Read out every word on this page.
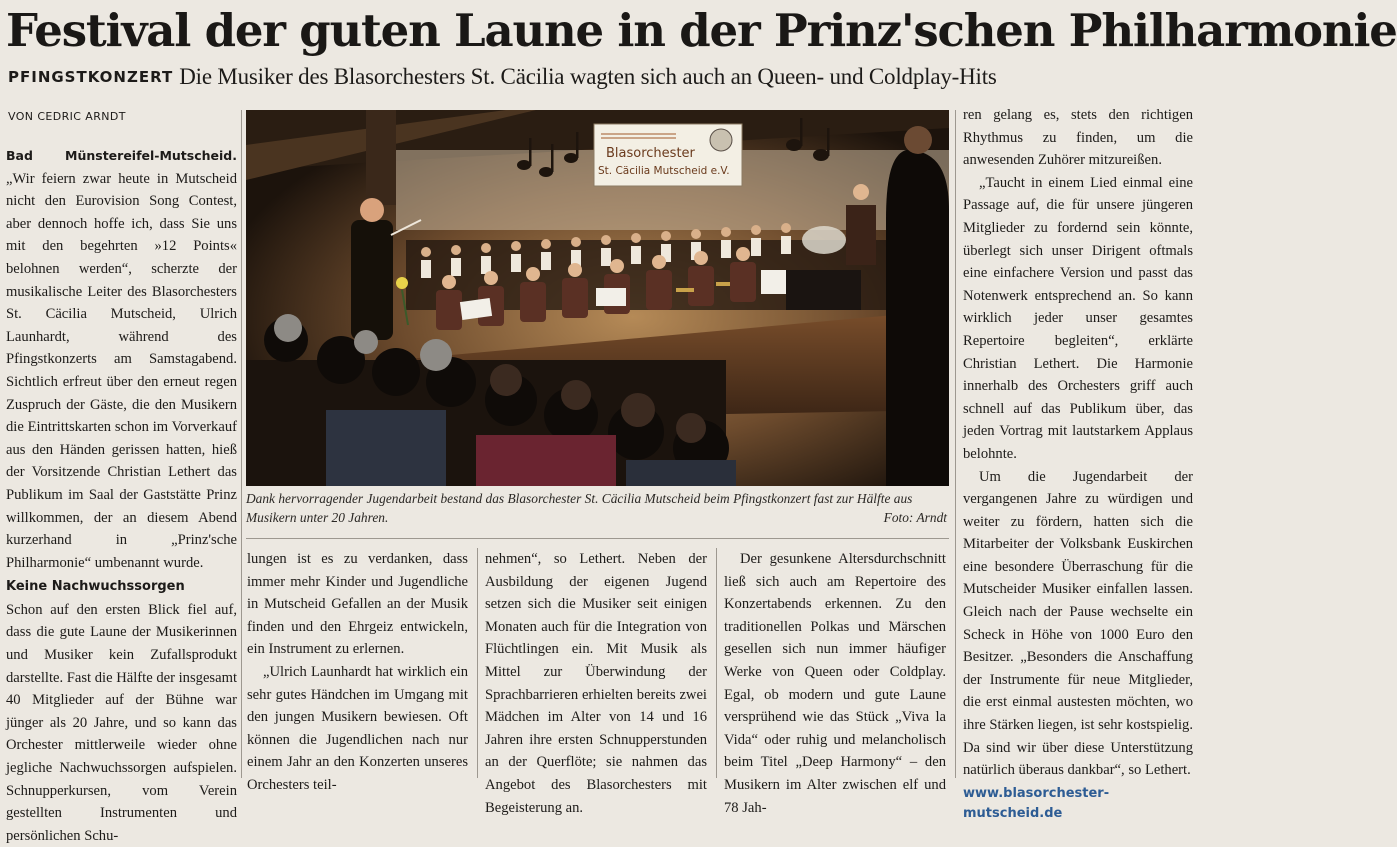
Festival der guten Laune in der Prinz'schen Philharmonie
PFINGSTKONZERT Die Musiker des Blasorchesters St. Cäcilia wagten sich auch an Queen- und Coldplay-Hits
VON CEDRIC ARNDT

Bad Münstereifel-Mutscheid. „Wir feiern zwar heute in Mutscheid nicht den Eurovision Song Contest, aber dennoch hoffe ich, dass Sie uns mit den begehrten »12 Points« belohnen werden“, scherzte der musikalische Leiter des Blasorchesters St. Cäcilia Mutscheid, Ulrich Launhardt, während des Pfingstkonzerts am Samstagabend. Sichtlich erfreut über den erneut regen Zuspruch der Gäste, die den Musikern die Eintrittskarten schon im Vorverkauf aus den Händen gerissen hatten, hieß der Vorsitzende Christian Lethert das Publikum im Saal der Gaststätte Prinz willkommen, der an diesem Abend kurzerhand in „Prinz'sche Philharmonie“ umbenannt wurde.

Keine Nachwuchssorgen

Schon auf den ersten Blick fiel auf, dass die gute Laune der Musikerinnen und Musiker kein Zufallsprodukt darstellte. Fast die Hälfte der insgesamt 40 Mitglieder auf der Bühne war jünger als 20 Jahre, und so kann das Orchester mittlerweile wieder ohne jegliche Nachwuchssorgen aufspielen. Schnupperkursen, vom Verein gestellten Instrumenten und persönlichen Schu-

Blasorchester
St. Cäcilia Mutscheid e.V.
Dank hervorragender Jugendarbeit bestand das Blasorchester St. Cäcilia Mutscheid beim Pfingstkonzert fast zur Hälfte aus Musikern unter 20 Jahren.	Foto: Arndt

lungen ist es zu verdanken, dass immer mehr Kinder und Jugendliche in Mutscheid Gefallen an der Musik finden und den Ehrgeiz entwickeln, ein Instrument zu erlernen.

„Ulrich Launhardt hat wirklich ein sehr gutes Händchen im Umgang mit den jungen Musikern bewiesen. Oft können die Jugendlichen nach nur einem Jahr an den Konzerten unseres Orchesters teil-

nehmen“, so Lethert. Neben der Ausbildung der eigenen Jugend setzen sich die Musiker seit einigen Monaten auch für die Integration von Flüchtlingen ein. Mit Musik als Mittel zur Überwindung der Sprachbarrieren erhielten bereits zwei Mädchen im Alter von 14 und 16 Jahren ihre ersten Schnupperstunden an der Querflöte; sie nahmen das Angebot des Blasorchesters mit Begeisterung an.

Der gesunkene Altersdurchschnitt ließ sich auch am Repertoire des Konzertabends erkennen. Zu den traditionellen Polkas und Märschen gesellen sich nun immer häufiger Werke von Queen oder Coldplay. Egal, ob modern und gute Laune versprühend wie das Stück „Viva la Vida“ oder ruhig und melancholisch beim Titel „Deep Harmony“ – den Musikern im Alter zwischen elf und 78 Jah-

ren gelang es, stets den richtigen Rhythmus zu finden, um die anwesenden Zuhörer mitzureißen.

„Taucht in einem Lied einmal eine Passage auf, die für unsere jüngeren Mitglieder zu fordernd sein könnte, überlegt sich unser Dirigent oftmals eine einfachere Version und passt das Notenwerk entsprechend an. So kann wirklich jeder unser gesamtes Repertoire begleiten“, erklärte Christian Lethert. Die Harmonie innerhalb des Orchesters griff auch schnell auf das Publikum über, das jeden Vortrag mit lautstarkem Applaus belohnte.

Um die Jugendarbeit der vergangenen Jahre zu würdigen und weiter zu fördern, hatten sich die Mitarbeiter der Volksbank Euskirchen eine besondere Überraschung für die Mutscheider Musiker einfallen lassen. Gleich nach der Pause wechselte ein Scheck in Höhe von 1000 Euro den Besitzer. „Besonders die Anschaffung der Instrumente für neue Mitglieder, die erst einmal austesten möchten, wo ihre Stärken liegen, ist sehr kostspielig. Da sind wir über diese Unterstützung natürlich überaus dankbar“, so Lethert.

www.blasorchester-mutscheid.de
